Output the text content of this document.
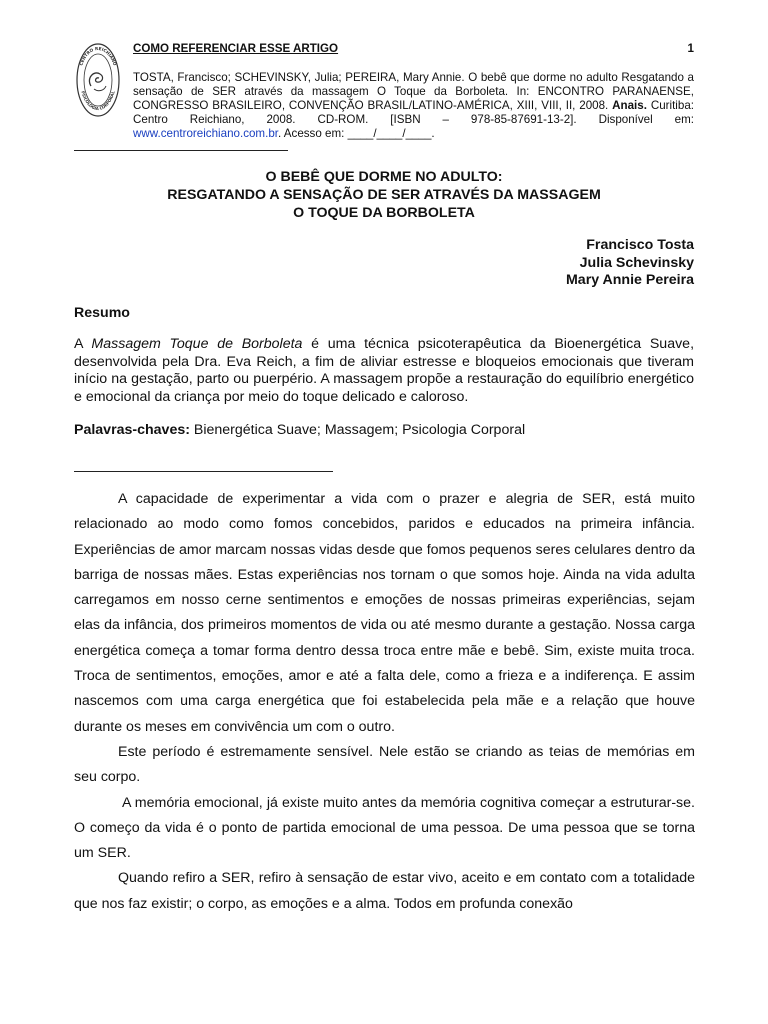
CENTRO REICHIANO
PSICOLOGIA CORPORAL
COMO REFERENCIAR ESSE ARTIGO	1
TOSTA, Francisco; SCHEVINSKY, Julia; PEREIRA, Mary Annie. O bebê que dorme no adulto Resgatando a sensação de SER através da massagem O Toque da Borboleta. In: ENCONTRO PARANAENSE, CONGRESSO BRASILEIRO, CONVENÇÃO BRASIL/LATINO-AMÉRICA, XIII, VIII, II, 2008. Anais. Curitiba: Centro Reichiano, 2008. CD-ROM. [ISBN – 978-85-87691-13-2]. Disponível em: www.centroreichiano.com.br. Acesso em: ____/____/____.
O BEBÊ QUE DORME NO ADULTO:
RESGATANDO A SENSAÇÃO DE SER ATRAVÉS DA MASSAGEM
O TOQUE DA BORBOLETA
Francisco Tosta
Julia Schevinsky
Mary Annie Pereira
Resumo
A Massagem Toque de Borboleta é uma técnica psicoterapêutica da Bioenergética Suave, desenvolvida pela Dra. Eva Reich, a fim de aliviar estresse e bloqueios emocionais que tiveram início na gestação, parto ou puerpério. A massagem propõe a restauração do equilíbrio energético e emocional da criança por meio do toque delicado e caloroso.
Palavras-chaves: Bienergética Suave; Massagem; Psicologia Corporal

A capacidade de experimentar a vida com o prazer e alegria de SER, está muito relacionado ao modo como fomos concebidos, paridos e educados na primeira infância. Experiências de amor marcam nossas vidas desde que fomos pequenos seres celulares dentro da barriga de nossas mães. Estas experiências nos tornam o que somos hoje. Ainda na vida adulta carregamos em nosso cerne sentimentos e emoções de nossas primeiras experiências, sejam elas da infância, dos primeiros momentos de vida ou até mesmo durante a gestação. Nossa carga energética começa a tomar forma dentro dessa troca entre mãe e bebê. Sim, existe muita troca. Troca de sentimentos, emoções, amor e até a falta dele, como a frieza e a indiferença. E assim nascemos com uma carga energética que foi estabelecida pela mãe e a relação que houve durante os meses em convivência um com o outro.

Este período é estremamente sensível. Nele estão se criando as teias de memórias em seu corpo.

A memória emocional, já existe muito antes da memória cognitiva começar a estruturar-se. O começo da vida é o ponto de partida emocional de uma pessoa. De uma pessoa que se torna um SER.

Quando refiro a SER, refiro à sensação de estar vivo, aceito e em contato com a totalidade que nos faz existir; o corpo, as emoções e a alma. Todos em profunda conexão
